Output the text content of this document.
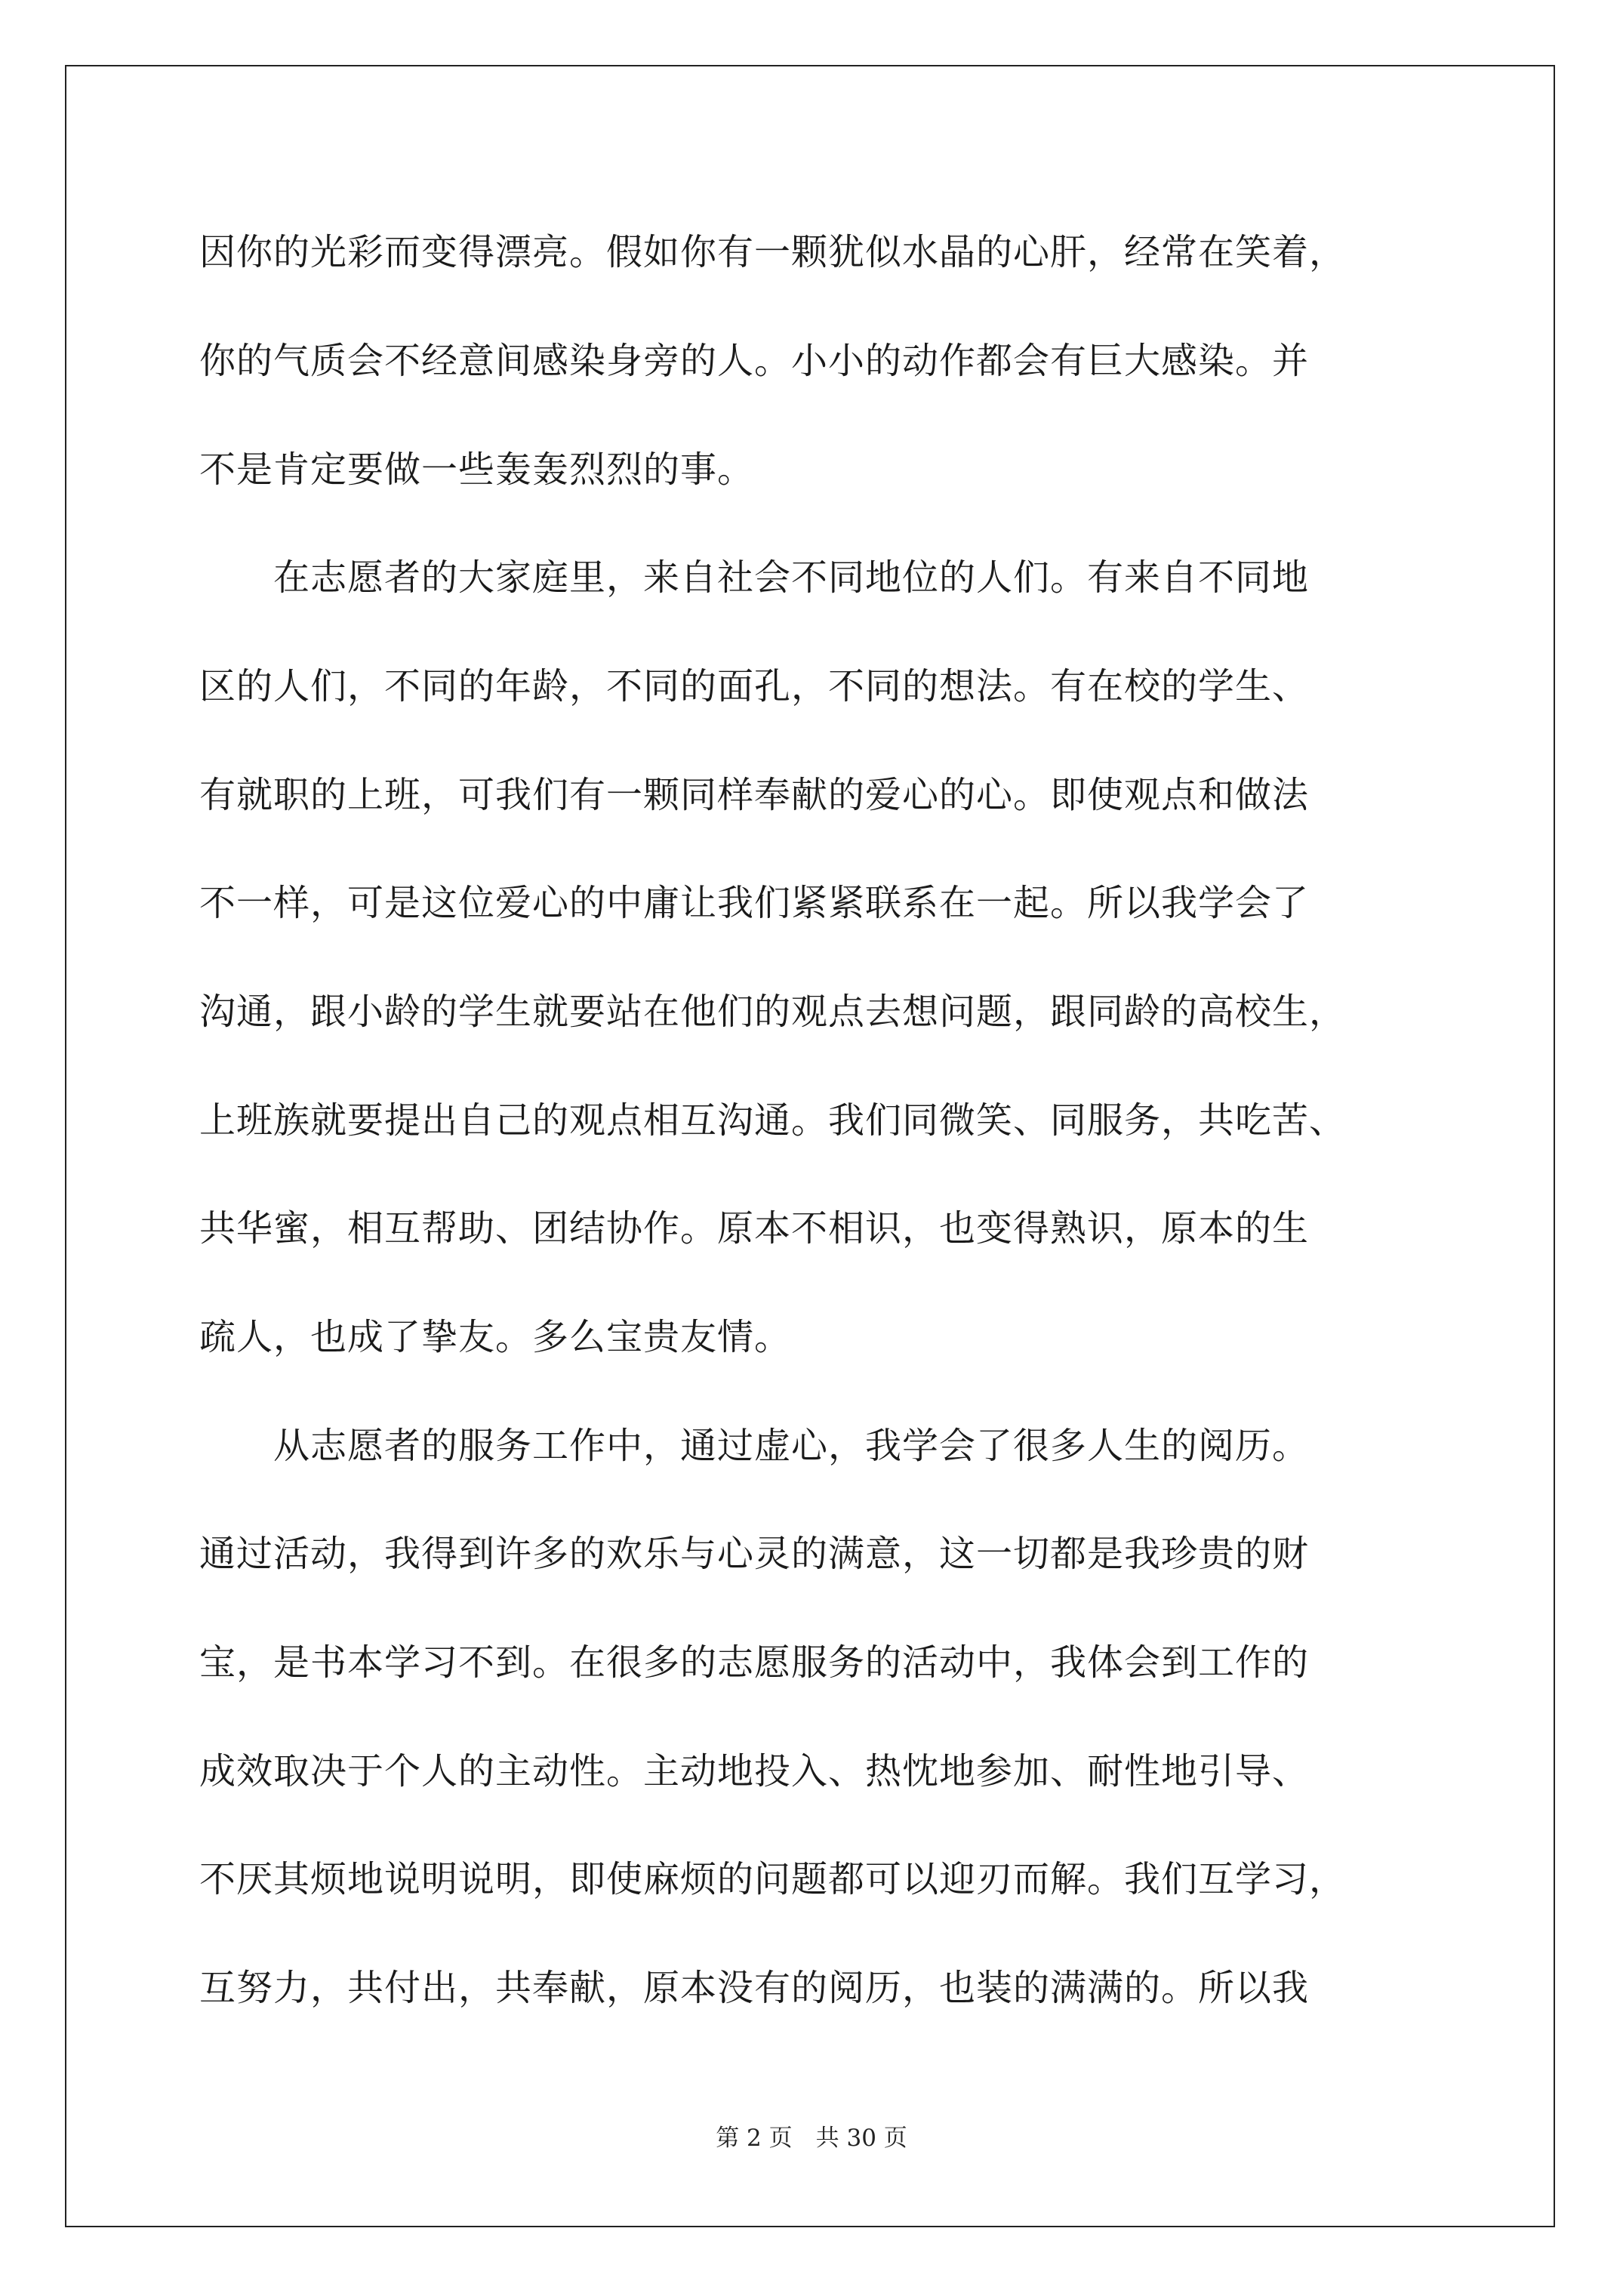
因你的光彩而变得漂亮。假如你有一颗犹似水晶的心肝，经常在笑着，
你的气质会不经意间感染身旁的人。小小的动作都会有巨大感染。并
不是肯定要做一些轰轰烈烈的事。
　　在志愿者的大家庭里，来自社会不同地位的人们。有来自不同地
区的人们，不同的年龄，不同的面孔，不同的想法。有在校的学生、
有就职的上班，可我们有一颗同样奉献的爱心的心。即使观点和做法
不一样，可是这位爱心的中庸让我们紧紧联系在一起。所以我学会了
沟通，跟小龄的学生就要站在他们的观点去想问题，跟同龄的高校生，
上班族就要提出自己的观点相互沟通。我们同微笑、同服务，共吃苦、
共华蜜，相互帮助、团结协作。原本不相识，也变得熟识，原本的生
疏人，也成了挚友。多么宝贵友情。
　　从志愿者的服务工作中，通过虚心，我学会了很多人生的阅历。
通过活动，我得到许多的欢乐与心灵的满意，这一切都是我珍贵的财
宝，是书本学习不到。在很多的志愿服务的活动中，我体会到工作的
成效取决于个人的主动性。主动地投入、热忱地参加、耐性地引导、
不厌其烦地说明说明，即使麻烦的问题都可以迎刃而解。我们互学习，
互努力，共付出，共奉献，原本没有的阅历，也装的满满的。所以我
第 2 页　共 30 页
